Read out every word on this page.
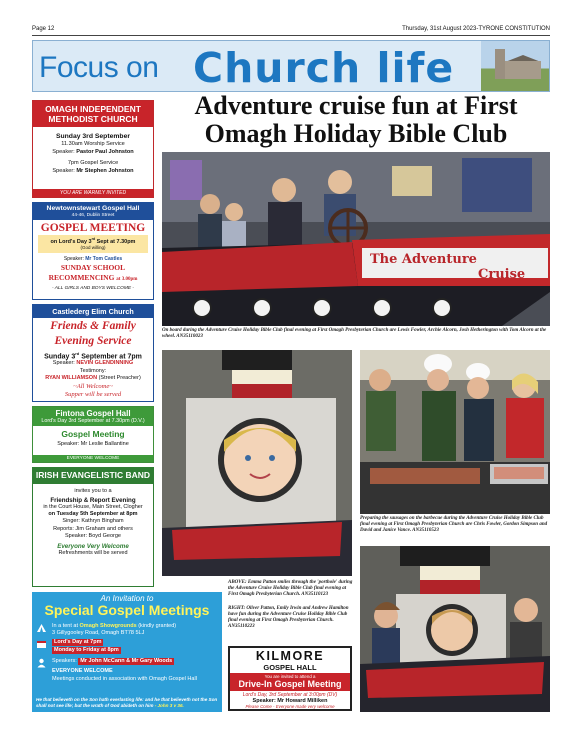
Page 12	Thursday, 31st August 2023-TYRONE CONSTITUTION
Focus on Church life
OMAGH INDEPENDENT METHODIST CHURCH
Sunday 3rd September
11.30am Worship Service
Speaker: Pastor Paul Johnston
7pm Gospel Service
Speaker: Mr Stephen Johnston
YOU ARE WARMLY INVITED
Newtownstewart Gospel Hall
44-46, Dublin Street
GOSPEL MEETING
on Lord's Day 3rd Sept at 7.30pm
(God willing)
Speaker: Mr Tom Castles
SUNDAY SCHOOL
RECOMMENCING at 3.00pm
- ALL GIRLS AND BOYS WELCOME -
Castlederg Elim Church
Friends & Family
Evening Service
Sunday 3rd September at 7pm
Speaker: NEVIN GLENDINNING
Testimony:
RYAN WILLIAMSON (Street Preacher)
~All Welcome~
Supper will be served
Fintona Gospel Hall
Lord's Day 3rd September at 7.30pm (D.V.)
Gospel Meeting
Speaker: Mr Leslie Ballantine
EVERYONE WELCOME
IRISH EVANGELISTIC BAND
invites you to a
Friendship & Report Evening
in the Court House, Main Street, Clogher
on Tuesday 5th September at 8pm
Singer: Kathryn Bingham
Reports: Jim Graham and others
Speaker: Boyd George
Everyone Very Welcome
Refreshments will be served
An Invitation to
Special Gospel Meetings
In a tent at Omagh Showgrounds (kindly granted)
3 Gillygooley Road, Omagh BT78 5LJ
Lord's Day at 7pm
Monday to Friday at 8pm
Speakers: Mr John McCann & Mr Gary Woods
EVERYONE WELCOME
Meetings conducted in association with Omagh Gospel Hall
He that believeth on the Son hath everlasting life: and he that believeth not the Son shall not see life; but the wrath of God abideth on him - John 3 v 36.
Adventure cruise fun at First Omagh Holiday Bible Club
The Adventure
Cruise
On board during the Adventure Cruise Holiday Bible Club final evening at First Omagh Presbyterian Church are Lewis Fowler, Archie Alcorn, Josh Hetherington with Tom Alcorn at the wheel. AN35110023
Preparing the sausages on the barbecue during the Adventure Cruise Holiday Bible Club final evening at First Omagh Presbyterian Church are Chris Fowler, Gordon Simpson and David and Janice Vance. AN35110523
ABOVE: Emma Patton smiles through the 'porthole' during the Adventure Cruise Holiday Bible Club final evening at First Omagh Presbyterian Church. AN35110123
RIGHT: Oliver Patton, Emily Irwin and Andrew Hamilton have fun during the Adventure Cruise Holiday Bible Club final evening at First Omagh Presbyterian Church. AN35110223
KILMORE
GOSPEL HALL
You are invited to attend a
Drive-In Gospel Meeting
Lord's Day, 3rd September at 3:00pm (DV)
Speaker: Mr Howard Milliken
Please Come - Everyone made very welcome
